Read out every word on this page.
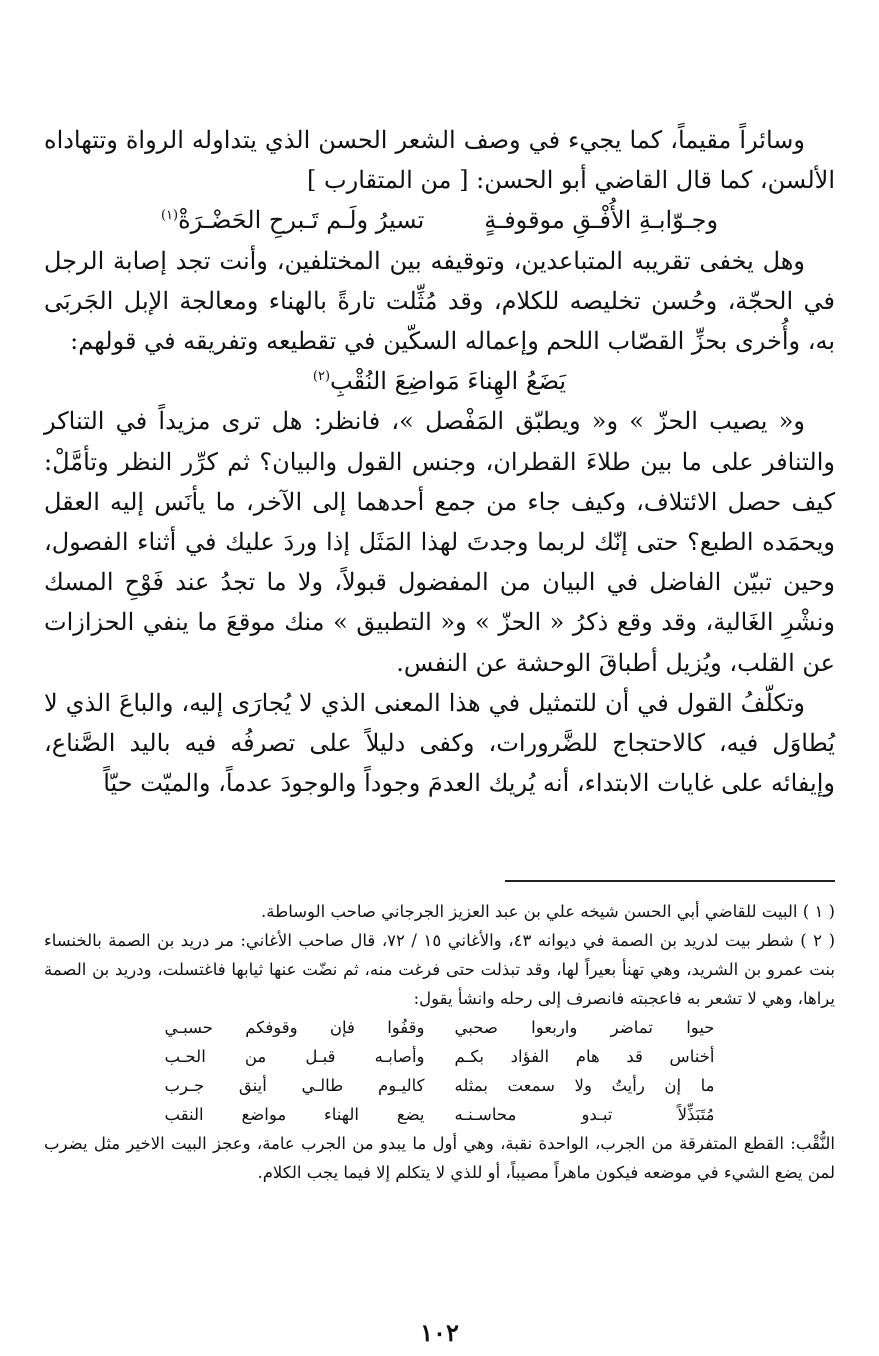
وسائراً مقيماً، كما يجيء في وصف الشعر الحسن الذي يتداوله الرواة وتتهاداه الألسن، كما قال القاضي أبو الحسن: [ من المتقارب ]

وجـوّابـةِ الأُفْـقِ موقوفـةٍ
تسيرُ ولَـم تَـبرحِ الحَضْـرَةْ$^{(١)}$

وهل يخفى تقريبه المتباعدين، وتوقيفه بين المختلفين، وأنت تجد إصابة الرجل في الحجّة، وحُسن تخليصه للكلام، وقد مُثِّلت تارةً بالهناء ومعالجة الإبل الجَربَى به، وأُخرى بحزِّ القصّاب اللحم وإعماله السكّين في تقطيعه وتفريقه في قولهم:

يَضَعُ الهِناءَ مَواضِعَ النُقْبِ$^{(٢)}$

و« يصيب الحزّ » و« ويطبّق المَفْصل »، فانظر: هل ترى مزيداً في التناكر والتنافر على ما بين طلاءَ القطران، وجنس القول والبيان؟ ثم كرِّر النظر وتأمَّلْ: كيف حصل الائتلاف، وكيف جاء من جمع أحدهما إلى الآخر، ما يأنَس إليه العقل ويحمَده الطبع؟ حتى إنّك لربما وجدتَ لهذا المَثَل إذا وردَ عليك في أثناء الفصول، وحين تبيّن الفاضل في البيان من المفضول قبولاً، ولا ما تجدُ عند فَوْحِ المسك ونشْرِ الغَالية، وقد وقع ذكرُ « الحزّ » و« التطبيق » منك موقعَ ما ينفي الحزازات عن القلب، ويُزيل أطباقَ الوحشة عن النفس.

وتكلّفُ القول في أن للتمثيل في هذا المعنى الذي لا يُجارَى إليه، والباعَ الذي لا يُطاوَل فيه، كالاحتجاج للضَّرورات، وكفى دليلاً على تصرفُه فيه باليد الصَّناع، وإيفائه على غايات الابتداء، أنه يُريك العدمَ وجوداً والوجودَ عدماً، والميّت حيّاً

( ١ ) البيت للقاضي أبي الحسن شيخه علي بن عبد العزيز الجرجاني صاحب الوساطة.

( ٢ ) شطر بيت لدريد بن الصمة في ديوانه ٤٣، والأغاني ١٥ / ٧٢، قال صاحب الأغاني: مر دريد بن الصمة بالخنساء بنت عمرو بن الشريد، وهي تهنأ بعيراً لها، وقد تبذلت حتى فرغت منه، ثم نضّت عنها ثيابها فاغتسلت، ودريد بن الصمة يراها، وهي لا تشعر به فاعجبته فانصرف إلى رحله وانشأ يقول:

حيوا تماضر واربعوا صحبي
وقفُوا فإن وقوفكم حسبـي
أخناس قد هام الفؤاد بكـم
وأصابـه قبـل من الحـب
ما إن رأيتُ ولا سمعت بمثله
كاليـوم طالـي أينق جـرب
مُتَبَذِّلاً تبـدو محاسـنـه
يضع الهناء مواضع النقب

النُّقْب: القطع المتفرقة من الجرب، الواحدة نقبة، وهي أول ما يبدو من الجرب عامة، وعجز البيت الاخير مثل يضرب لمن يضع الشيء في موضعه فيكون ماهراً مصيباً، أو للذي لا يتكلم إلا فيما يجب الكلام.

١٠٢
